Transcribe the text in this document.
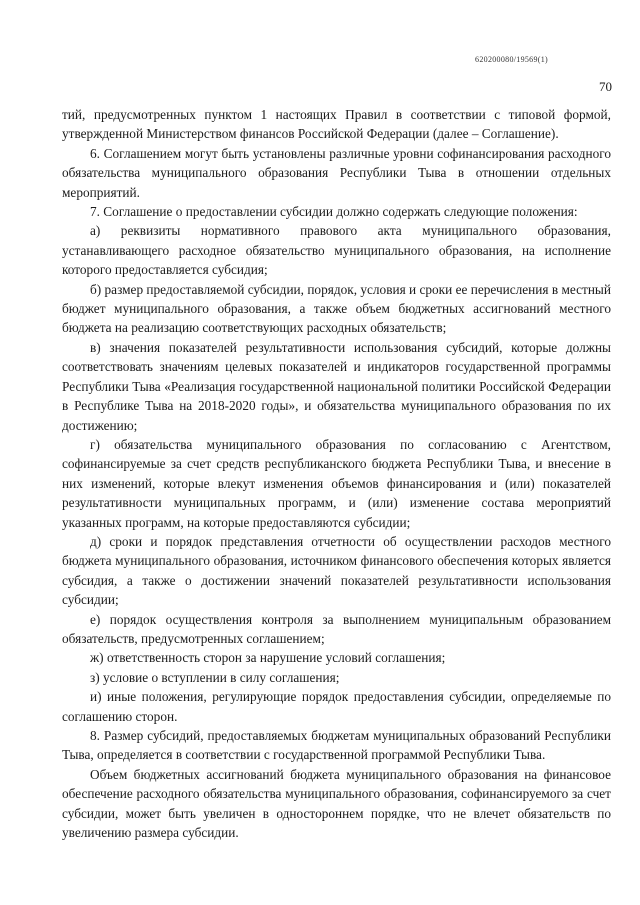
620200080/19569(1)
70

тий, предусмотренных пунктом 1 настоящих Правил в соответствии с типовой формой, утвержденной Министерством финансов Российской Федерации (далее – Соглашение).

6. Соглашением могут быть установлены различные уровни софинансирования расходного обязательства муниципального образования Республики Тыва в отношении отдельных мероприятий.

7. Соглашение о предоставлении субсидии должно содержать следующие положения:

а) реквизиты нормативного правового акта муниципального образования, устанавливающего расходное обязательство муниципального образования, на исполнение которого предоставляется субсидия;

б) размер предоставляемой субсидии, порядок, условия и сроки ее перечисления в местный бюджет муниципального образования, а также объем бюджетных ассигнований местного бюджета на реализацию соответствующих расходных обязательств;

в) значения показателей результативности использования субсидий, которые должны соответствовать значениям целевых показателей и индикаторов государственной программы Республики Тыва «Реализация государственной национальной политики Российской Федерации в Республике Тыва на 2018-2020 годы», и обязательства муниципального образования по их достижению;

г) обязательства муниципального образования по согласованию с Агентством, софинансируемые за счет средств республиканского бюджета Республики Тыва, и внесение в них изменений, которые влекут изменения объемов финансирования и (или) показателей результативности муниципальных программ, и (или) изменение состава мероприятий указанных программ, на которые предоставляются субсидии;

д) сроки и порядок представления отчетности об осуществлении расходов местного бюджета муниципального образования, источником финансового обеспечения которых является субсидия, а также о достижении значений показателей результативности использования субсидии;

е) порядок осуществления контроля за выполнением муниципальным образованием обязательств, предусмотренных соглашением;

ж) ответственность сторон за нарушение условий соглашения;

з) условие о вступлении в силу соглашения;

и) иные положения, регулирующие порядок предоставления субсидии, определяемые по соглашению сторон.

8. Размер субсидий, предоставляемых бюджетам муниципальных образований Республики Тыва, определяется в соответствии с государственной программой Республики Тыва.

Объем бюджетных ассигнований бюджета муниципального образования на финансовое обеспечение расходного обязательства муниципального образования, софинансируемого за счет субсидии, может быть увеличен в одностороннем порядке, что не влечет обязательств по увеличению размера субсидии.
